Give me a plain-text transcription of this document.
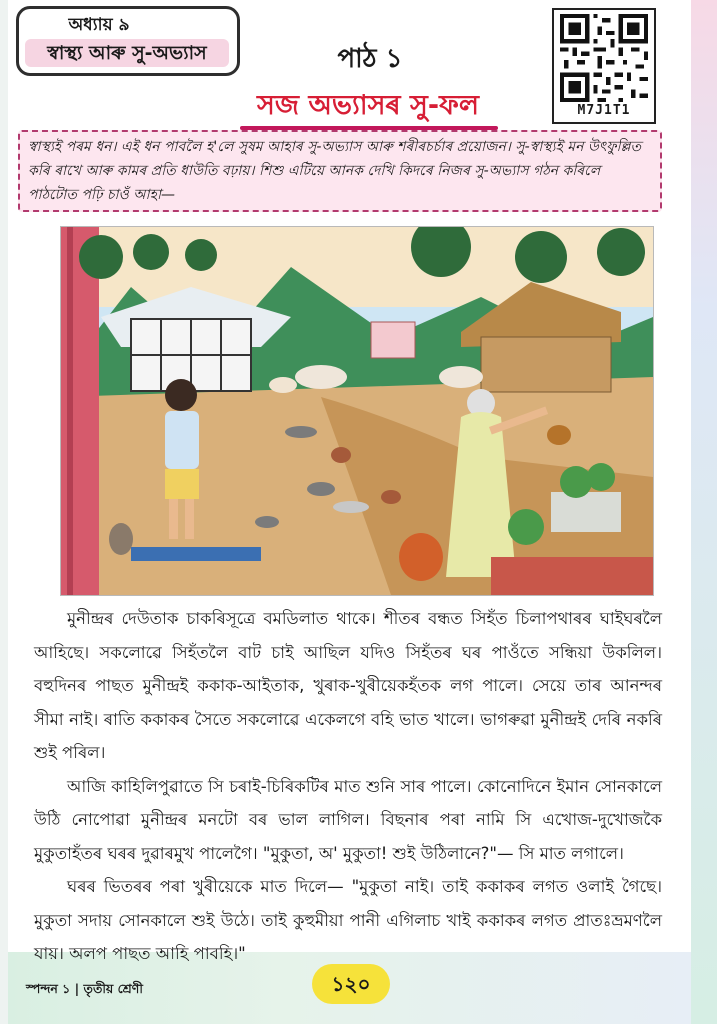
অধ্যায় ৯
স্বাস্থ্য আৰু সু-অভ্যাস	পাঠ ১
সজ অভ্যাসৰ সু-ফল	M7J1T1
স্বাস্থ্যই পৰম ধন। এই ধন পাবলৈ হ'লে সুষম আহাৰ সু-অভ্যাস আৰু শৰীৰচৰ্চাৰ প্ৰয়োজন। সু-স্বাস্থ্যই মন উৎফুল্লিত কৰি ৰাখে আৰু কামৰ প্ৰতি ধাউতি বঢ়ায়। শিশু এটিয়ে আনক দেখি কিদৰে নিজৰ সু-অভ্যাস গঠন কৰিলে পাঠটোত পঢ়ি চাওঁ আহা—

মুনীন্দ্ৰৰ দেউতাক চাকৰিসূত্ৰে বমডিলাত থাকে। শীতৰ বন্ধত সিহঁত চিলাপথাৰৰ ঘাইঘৰলৈ আহিছে। সকলোৱে সিহঁতলৈ বাট চাই আছিল যদিও সিহঁতৰ ঘৰ পাওঁতে সন্ধিয়া উকলিল। বহুদিনৰ পাছত মুনীন্দ্ৰই ককাক-আইতাক, খুৰাক-খুৰীয়েকহঁতক লগ পালে। সেয়ে তাৰ আনন্দৰ সীমা নাই। ৰাতি ককাকৰ সৈতে সকলোৱে একেলগে বহি ভাত খালে। ভাগৰুৱা মুনীন্দ্ৰই দেৰি নকৰি শুই পৰিল।

আজি কাহিলিপুৱাতে সি চৰাই-চিৰিকটিৰ মাত শুনি সাৰ পালে। কোনোদিনে ইমান সোনকালে উঠি নোপোৱা মুনীন্দ্ৰৰ মনটো বৰ ভাল লাগিল। বিছনাৰ পৰা নামি সি এখোজ-দুখোজকৈ মুকুতাহঁতৰ ঘৰৰ দুৱাৰমুখ পালেগৈ। "মুকুতা, অ' মুকুতা! শুই উঠিলানে?"— সি মাত লগালে।

ঘৰৰ ভিতৰৰ পৰা খুৰীয়েকে মাত দিলে— "মুকুতা নাই। তাই ককাকৰ লগত ওলাই গৈছে। মুকুতা সদায় সোনকালে শুই উঠে। তাই কুহুমীয়া পানী এগিলাচ খাই ককাকৰ লগত প্ৰাতঃভ্ৰমণলৈ যায়। অলপ পাছত আহি পাবহি।"

স্পন্দন ১ | তৃতীয় শ্ৰেণী	১২০
